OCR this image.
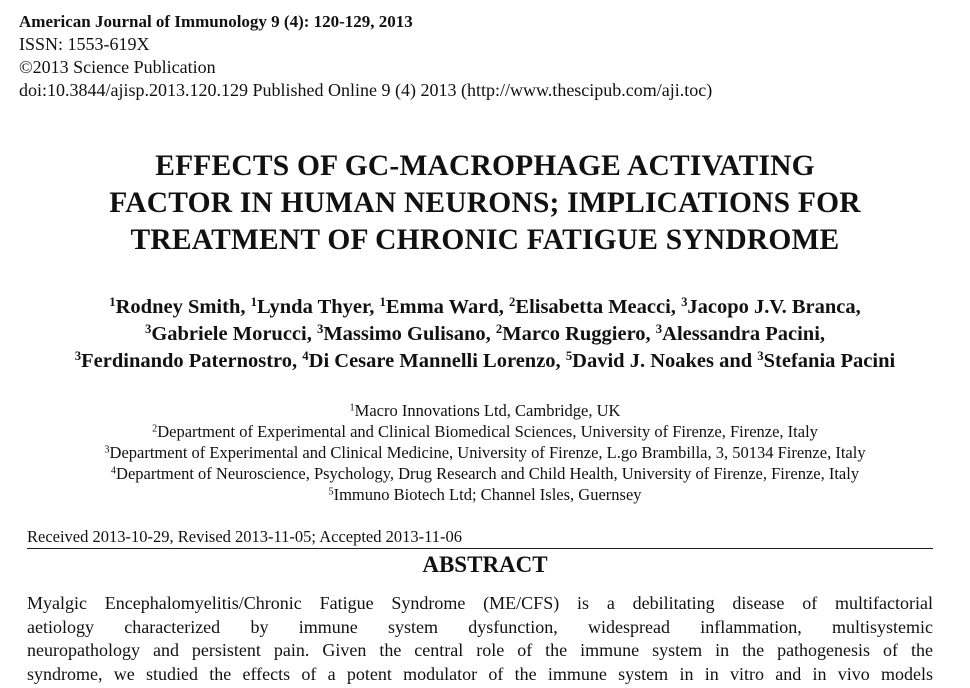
American Journal of Immunology 9 (4): 120-129, 2013
ISSN: 1553-619X
©2013 Science Publication
doi:10.3844/ajisp.2013.120.129 Published Online 9 (4) 2013 (http://www.thescipub.com/aji.toc)
EFFECTS OF GC-MACROPHAGE ACTIVATING
FACTOR IN HUMAN NEURONS; IMPLICATIONS FOR
TREATMENT OF CHRONIC FATIGUE SYNDROME
$^1$Rodney Smith, $^1$Lynda Thyer, $^1$Emma Ward, $^2$Elisabetta Meacci, $^3$Jacopo J.V. Branca,
$^3$Gabriele Morucci, $^3$Massimo Gulisano, $^2$Marco Ruggiero, $^3$Alessandra Pacini,
$^3$Ferdinando Paternostro, $^4$Di Cesare Mannelli Lorenzo, $^5$David J. Noakes and $^3$Stefania Pacini
$^1$Macro Innovations Ltd, Cambridge, UK
$^2$Department of Experimental and Clinical Biomedical Sciences, University of Firenze, Firenze, Italy
$^3$Department of Experimental and Clinical Medicine, University of Firenze, L.go Brambilla, 3, 50134 Firenze, Italy
$^4$Department of Neuroscience, Psychology, Drug Research and Child Health, University of Firenze, Firenze, Italy
$^5$Immuno Biotech Ltd; Channel Isles, Guernsey
Received 2013-10-29, Revised 2013-11-05; Accepted 2013-11-06
ABSTRACT
Myalgic Encephalomyelitis/Chronic Fatigue Syndrome (ME/CFS) is a debilitating disease of multifactorial
aetiology characterized by immune system dysfunction, widespread inflammation, multisystemic
neuropathology and persistent pain. Given the central role of the immune system in the pathogenesis of the
syndrome, we studied the effects of a potent modulator of the immune system in in vitro and in vivo models
